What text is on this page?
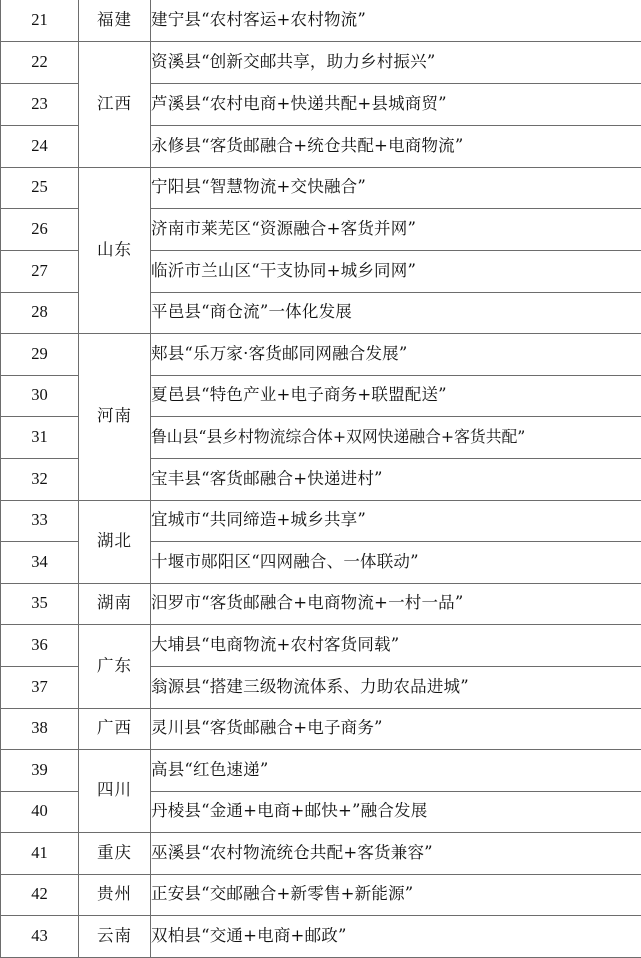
21	福建	建宁县“农村客运+农村物流”
22	江西	资溪县“创新交邮共享，助力乡村振兴”
23		芦溪县“农村电商+快递共配+县城商贸”
24		永修县“客货邮融合+统仓共配+电商物流”
25	山东	宁阳县“智慧物流+交快融合”
26		济南市莱芜区“资源融合+客货并网”
27		临沂市兰山区“干支协同+城乡同网”
28		平邑县“商仓流”一体化发展
29	河南	郏县“乐万家·客货邮同网融合发展”
30		夏邑县“特色产业+电子商务+联盟配送”
31		鲁山县“县乡村物流综合体+双网快递融合+客货共配”
32		宝丰县“客货邮融合+快递进村”
33	湖北	宜城市“共同缔造+城乡共享”
34		十堰市郧阳区“四网融合、一体联动”
35	湖南	汨罗市“客货邮融合+电商物流+一村一品”
36	广东	大埔县“电商物流+农村客货同载”
37		翁源县“搭建三级物流体系、力助农品进城”
38	广西	灵川县“客货邮融合+电子商务”
39	四川	高县“红色速递”
40		丹棱县“金通+电商+邮快+”融合发展
41	重庆	巫溪县“农村物流统仓共配+客货兼容”
42	贵州	正安县“交邮融合+新零售+新能源”
43	云南	双柏县“交通+电商+邮政”
